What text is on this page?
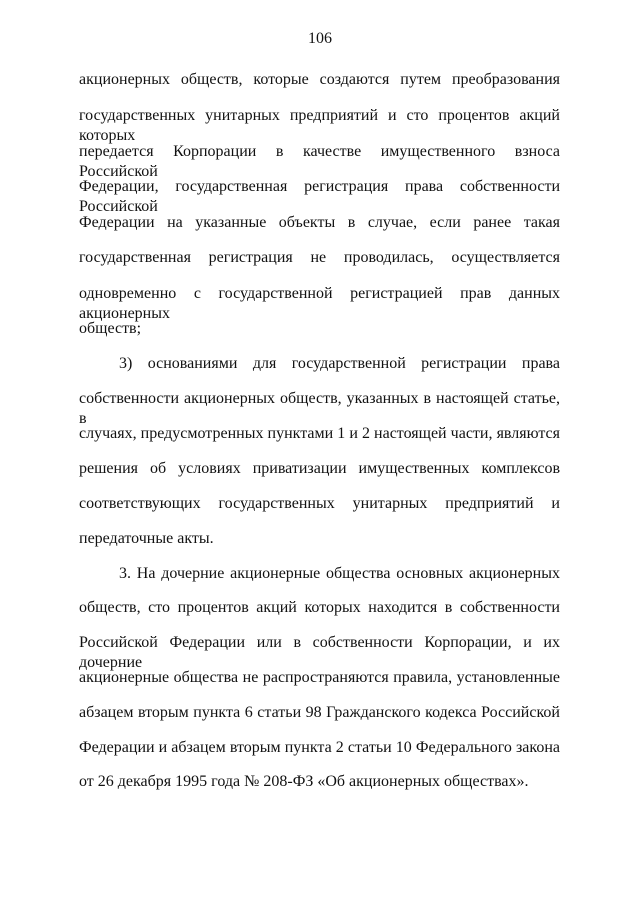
106
акционерных обществ, которые создаются путем преобразования
государственных унитарных предприятий и сто процентов акций которых
передается Корпорации в качестве имущественного взноса Российской
Федерации, государственная регистрация права собственности Российской
Федерации на указанные объекты в случае, если ранее такая
государственная регистрация не проводилась, осуществляется
одновременно с государственной регистрацией прав данных акционерных
обществ;
3) основаниями для государственной регистрации права
собственности акционерных обществ, указанных в настоящей статье, в
случаях, предусмотренных пунктами 1 и 2 настоящей части, являются
решения об условиях приватизации имущественных комплексов
соответствующих государственных унитарных предприятий и
передаточные акты.
3. На дочерние акционерные общества основных акционерных
обществ, сто процентов акций которых находится в собственности
Российской Федерации или в собственности Корпорации, и их дочерние
акционерные общества не распространяются правила, установленные
абзацем вторым пункта 6 статьи 98 Гражданского кодекса Российской
Федерации и абзацем вторым пункта 2 статьи 10 Федерального закона
от 26 декабря 1995 года № 208-ФЗ «Об акционерных обществах».
